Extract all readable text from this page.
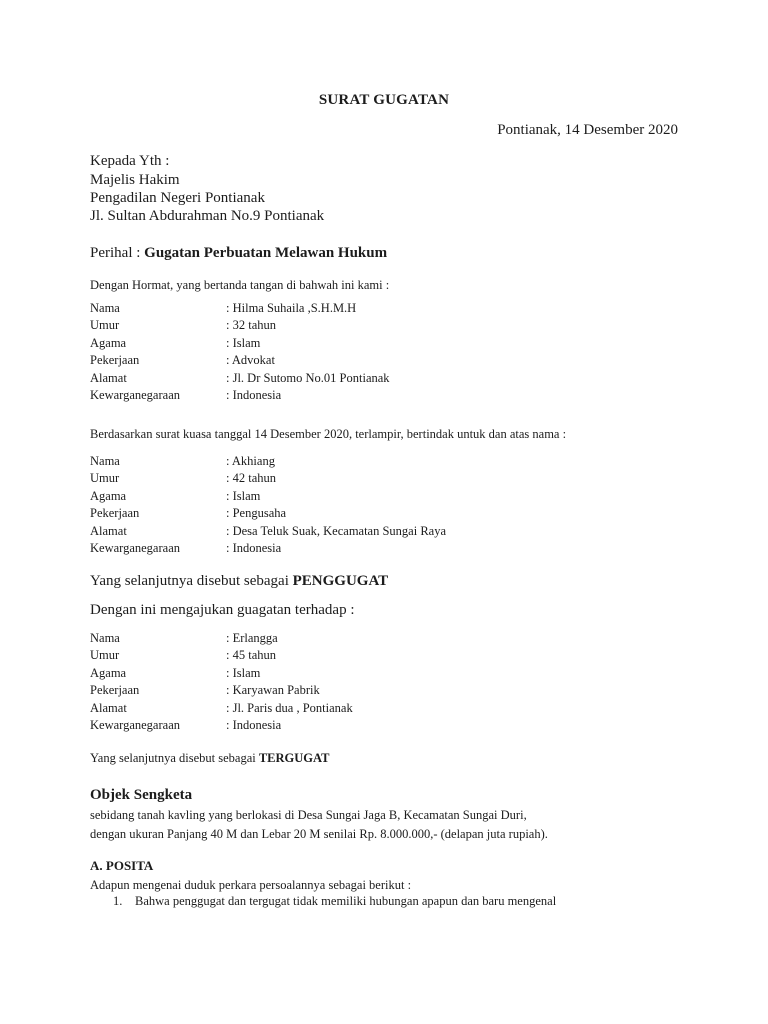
SURAT GUGATAN
Pontianak, 14 Desember 2020
Kepada Yth :
Majelis Hakim
Pengadilan Negeri Pontianak
Jl. Sultan Abdurahman No.9 Pontianak
Perihal : Gugatan Perbuatan Melawan Hukum
Dengan Hormat, yang bertanda tangan di bahwah ini kami :
Nama	: Hilma Suhaila ,S.H.M.H
Umur	: 32 tahun
Agama	: Islam
Pekerjaan	: Advokat
Alamat	: Jl. Dr Sutomo No.01 Pontianak
Kewarganegaraan	: Indonesia
Berdasarkan surat kuasa tanggal 14 Desember 2020, terlampir, bertindak untuk dan atas nama :
Nama	: Akhiang
Umur	: 42 tahun
Agama	: Islam
Pekerjaan	: Pengusaha
Alamat	: Desa Teluk Suak, Kecamatan Sungai Raya
Kewarganegaraan	: Indonesia
Yang selanjutnya disebut sebagai PENGGUGAT
Dengan ini mengajukan guagatan terhadap :
Nama	: Erlangga
Umur	: 45 tahun
Agama	: Islam
Pekerjaan	: Karyawan Pabrik
Alamat	: Jl. Paris dua , Pontianak
Kewarganegaraan	: Indonesia
Yang selanjutnya disebut sebagai TERGUGAT
Objek Sengketa
sebidang tanah kavling yang berlokasi di Desa Sungai Jaga B, Kecamatan Sungai Duri,
dengan ukuran Panjang 40 M dan Lebar 20 M senilai Rp. 8.000.000,- (delapan juta rupiah).
A. POSITA
Adapun mengenai duduk perkara persoalannya sebagai berikut :
1. Bahwa penggugat dan tergugat tidak memiliki hubungan apapun dan baru mengenal
